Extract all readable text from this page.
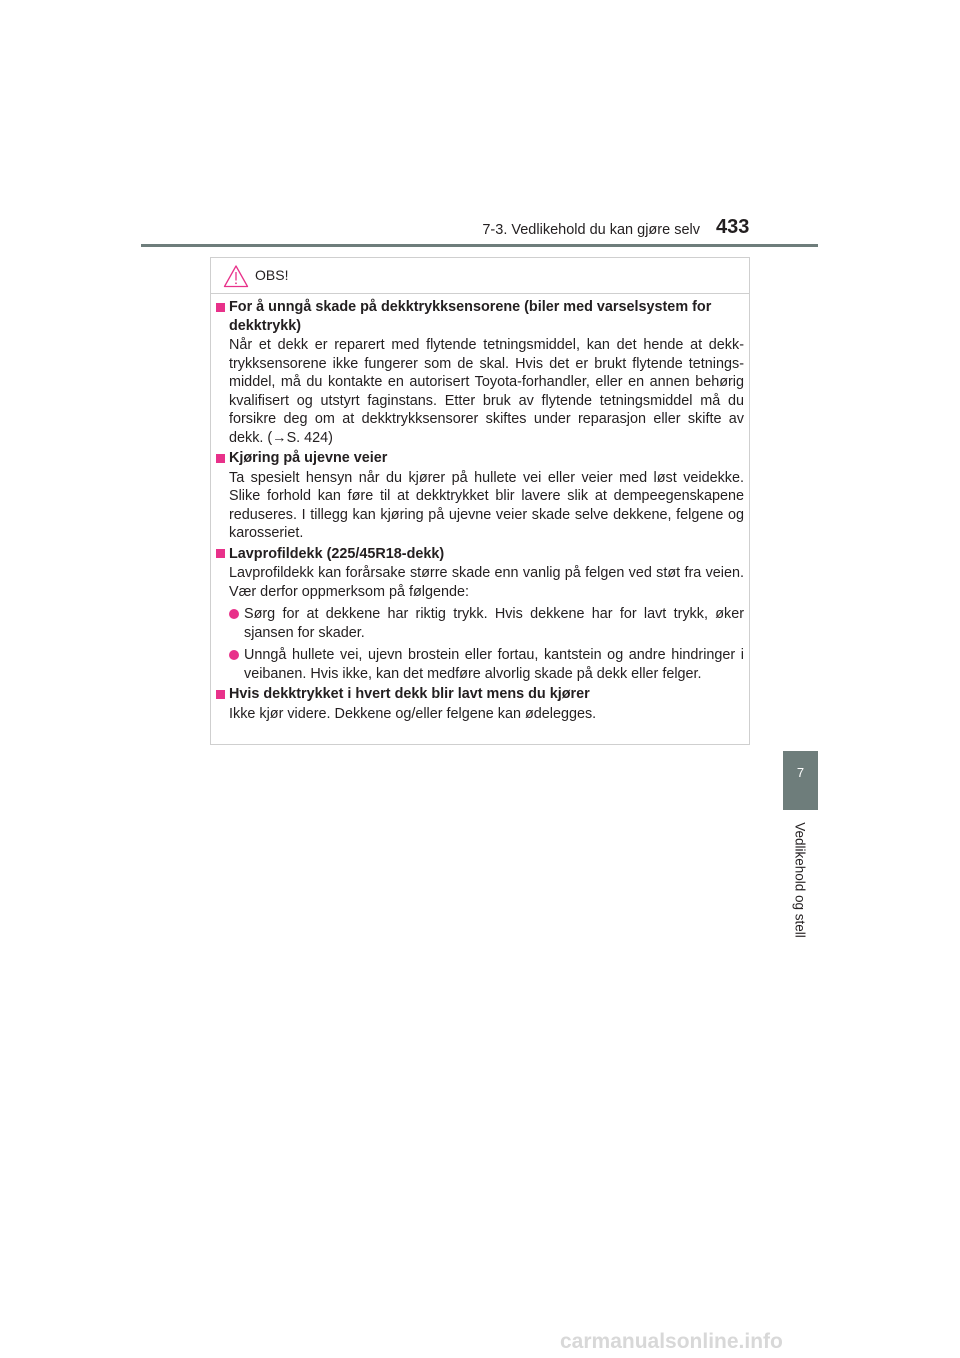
7-3. Vedlikehold du kan gjøre selv 433
7
Vedlikehold og stell
OBS!
For å unngå skade på dekktrykksensorene (biler med varselsystem for dekktrykk)
Når et dekk er reparert med flytende tetningsmiddel, kan det hende at dekk- trykksensorene ikke fungerer som de skal. Hvis det er brukt flytende tetnings- middel, må du kontakte en autorisert Toyota-forhandler, eller en annen behørig kvalifisert og utstyrt faginstans. Etter bruk av flytende tetningsmiddel må du forsikre deg om at dekktrykksensorer skiftes under reparasjon eller skifte av dekk. (→S. 424)
Kjøring på ujevne veier
Ta spesielt hensyn når du kjører på hullete vei eller veier med løst veidekke. Slike forhold kan føre til at dekktrykket blir lavere slik at dempeegenskapene reduseres. I tillegg kan kjøring på ujevne veier skade selve dekkene, felgene og karosseriet.
Lavprofildekk (225/45R18-dekk)
Lavprofildekk kan forårsake større skade enn vanlig på felgen ved støt fra veien. Vær derfor oppmerksom på følgende:
Sørg for at dekkene har riktig trykk. Hvis dekkene har for lavt trykk, øker sjansen for skader.
Unngå hullete vei, ujevn brostein eller fortau, kantstein og andre hindringer i veibanen. Hvis ikke, kan det medføre alvorlig skade på dekk eller felger.
Hvis dekktrykket i hvert dekk blir lavt mens du kjører
Ikke kjør videre. Dekkene og/eller felgene kan ødelegges.
carmanualsonline.info
